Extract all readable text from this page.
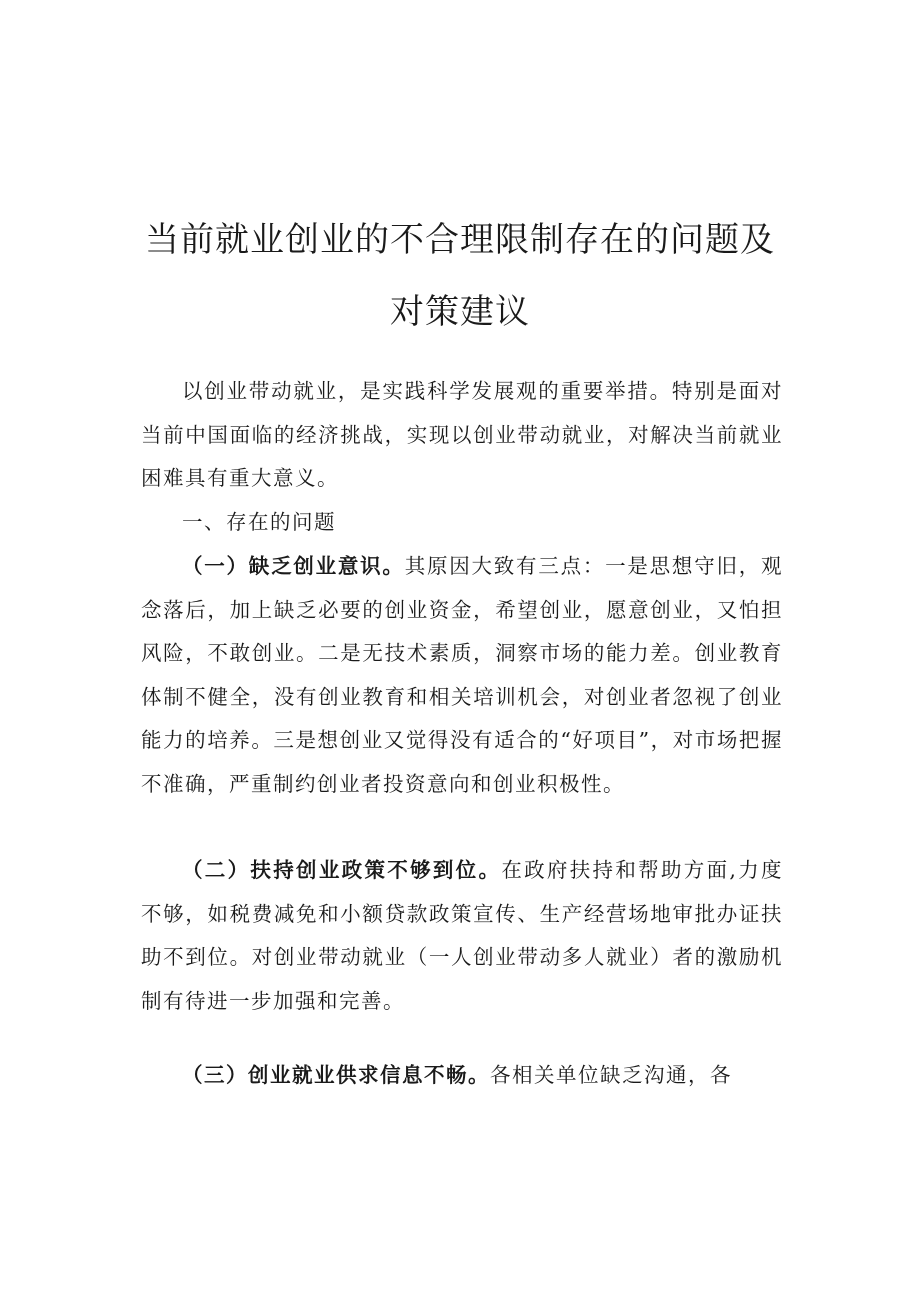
当前就业创业的不合理限制存在的问题及
对策建议

以创业带动就业，是实践科学发展观的重要举措。特别是面对当前中国面临的经济挑战，实现以创业带动就业，对解决当前就业困难具有重大意义。

一、存在的问题

（一）缺乏创业意识。其原因大致有三点：一是思想守旧，观念落后，加上缺乏必要的创业资金，希望创业，愿意创业，又怕担风险，不敢创业。二是无技术素质，洞察市场的能力差。创业教育体制不健全，没有创业教育和相关培训机会，对创业者忽视了创业能力的培养。三是想创业又觉得没有适合的“好项目”，对市场把握不准确，严重制约创业者投资意向和创业积极性。

（二）扶持创业政策不够到位。在政府扶持和帮助方面,力度不够，如税费减免和小额贷款政策宣传、生产经营场地审批办证扶助不到位。对创业带动就业（一人创业带动多人就业）者的激励机制有待进一步加强和完善。

（三）创业就业供求信息不畅。各相关单位缺乏沟通，各
